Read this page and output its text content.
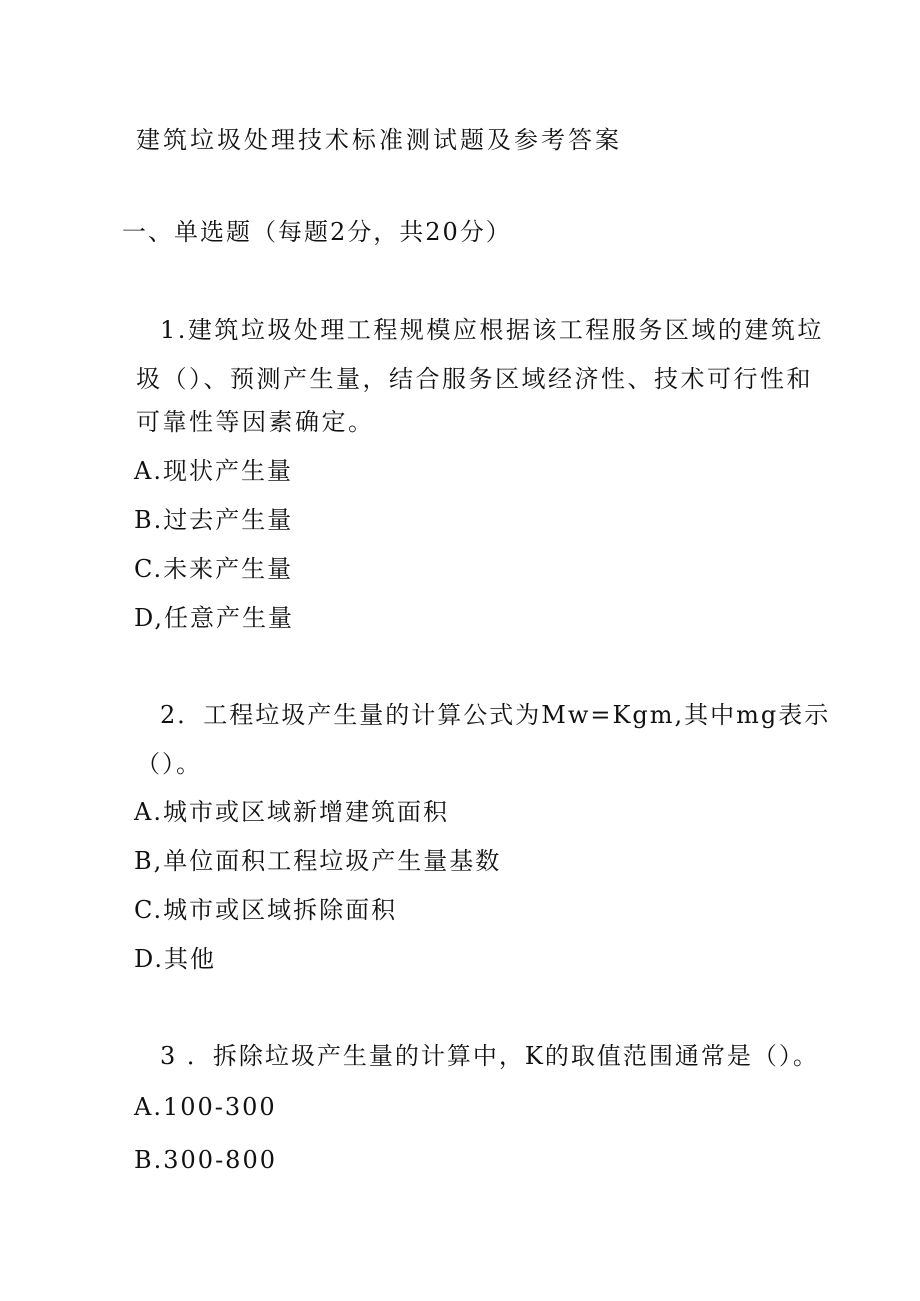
建筑垃圾处理技术标准测试题及参考答案
一、单选题（每题2分，共20分）
1.建筑垃圾处理工程规模应根据该工程服务区域的建筑垃
圾（）、预测产生量，结合服务区域经济性、技术可行性和
可靠性等因素确定。
A.现状产生量
B.过去产生量
C.未来产生量
D,任意产生量
2．工程垃圾产生量的计算公式为Mw=Kgm,其中mg表示
（）。
A.城市或区域新增建筑面积
B,单位面积工程垃圾产生量基数
C.城市或区域拆除面积
D.其他
3 ．拆除垃圾产生量的计算中，K的取值范围通常是（）。
A.100-300
B.300-800
